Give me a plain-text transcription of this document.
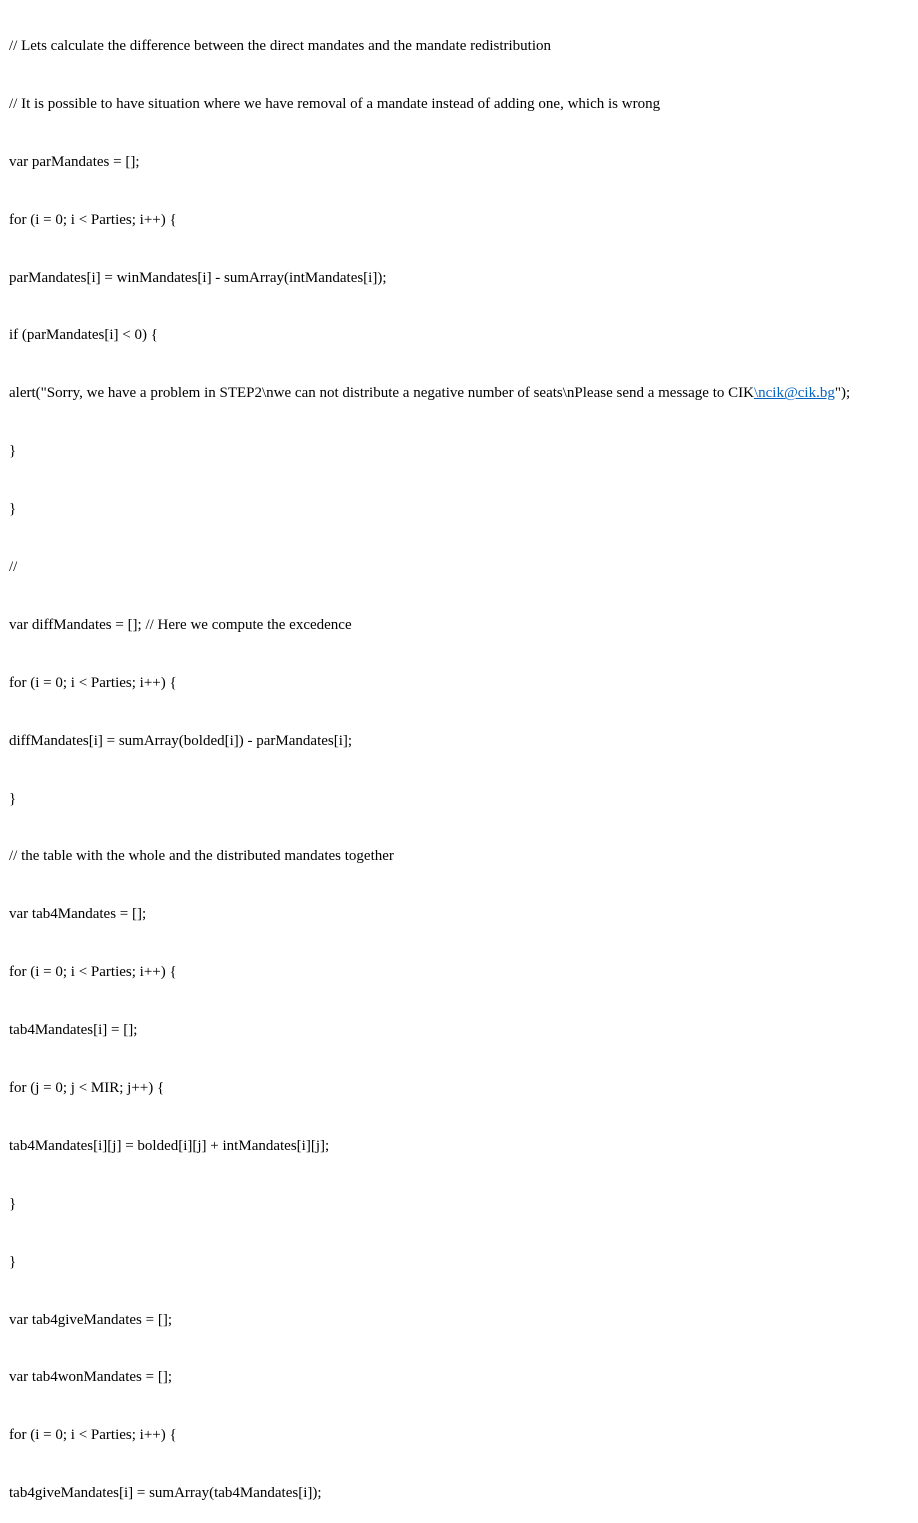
// Lets calculate the difference between the direct mandates and the mandate redistribution

// It is possible to have situation where we have removal of a mandate instead of adding one, which is wrong

var parMandates = [];

for (i = 0; i < Parties; i++) {

parMandates[i] = winMandates[i] - sumArray(intMandates[i]);

if (parMandates[i] < 0) {

alert("Sorry, we have a problem in STEP2\nwe can not distribute a negative number of seats\nPlease send a message to CIK\ncik@cik.bg");

}

}

//

var diffMandates = []; // Here we compute the excedence

for (i = 0; i < Parties; i++) {

diffMandates[i] = sumArray(bolded[i]) - parMandates[i];

}

// the table with the whole and the distributed mandates together

var tab4Mandates = [];

for (i = 0; i < Parties; i++) {

tab4Mandates[i] = [];

for (j = 0; j < MIR; j++) {

tab4Mandates[i][j] = bolded[i][j] + intMandates[i][j];

}

}

var tab4giveMandates = [];

var tab4wonMandates = [];

for (i = 0; i < Parties; i++) {

tab4giveMandates[i] = sumArray(tab4Mandates[i]);
